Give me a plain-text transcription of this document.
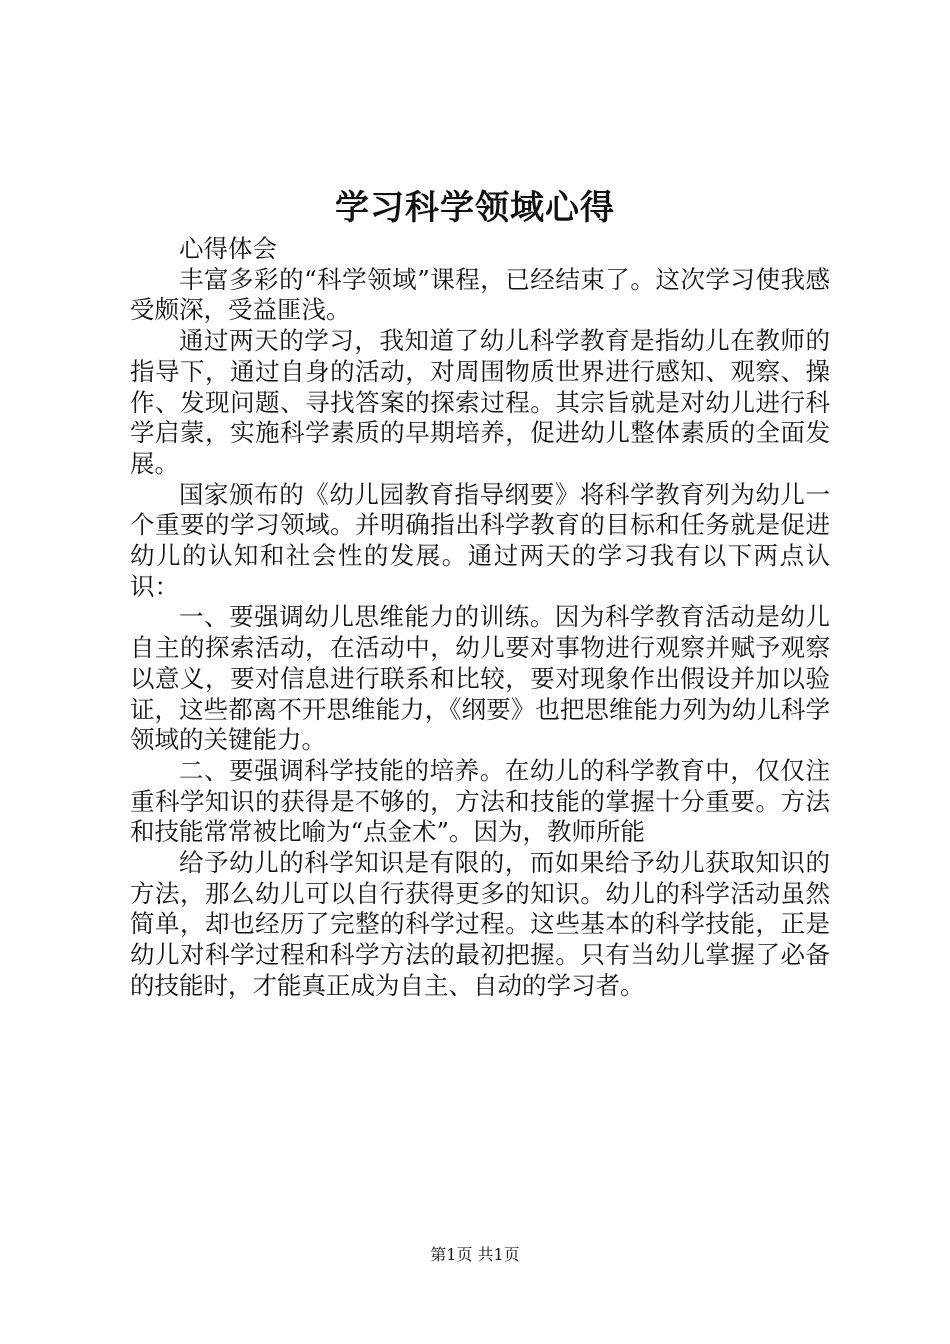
学习科学领域心得

心得体会

丰富多彩的“科学领域”课程，已经结束了。这次学习使我感受颇深，受益匪浅。

通过两天的学习，我知道了幼儿科学教育是指幼儿在教师的指导下，通过自身的活动，对周围物质世界进行感知、观察、操作、发现问题、寻找答案的探索过程。其宗旨就是对幼儿进行科学启蒙，实施科学素质的早期培养，促进幼儿整体素质的全面发展。

国家颁布的《幼儿园教育指导纲要》将科学教育列为幼儿一个重要的学习领域。并明确指出科学教育的目标和任务就是促进幼儿的认知和社会性的发展。通过两天的学习我有以下两点认识：

一、要强调幼儿思维能力的训练。因为科学教育活动是幼儿自主的探索活动，在活动中，幼儿要对事物进行观察并赋予观察以意义，要对信息进行联系和比较，要对现象作出假设并加以验证，这些都离不开思维能力，《纲要》也把思维能力列为幼儿科学领域的关键能力。

二、要强调科学技能的培养。在幼儿的科学教育中，仅仅注重科学知识的获得是不够的，方法和技能的掌握十分重要。方法和技能常常被比喻为“点金术”。因为，教师所能

给予幼儿的科学知识是有限的，而如果给予幼儿获取知识的方法，那么幼儿可以自行获得更多的知识。幼儿的科学活动虽然简单，却也经历了完整的科学过程。这些基本的科学技能，正是幼儿对科学过程和科学方法的最初把握。只有当幼儿掌握了必备的技能时，才能真正成为自主、自动的学习者。

第1页 共1页
